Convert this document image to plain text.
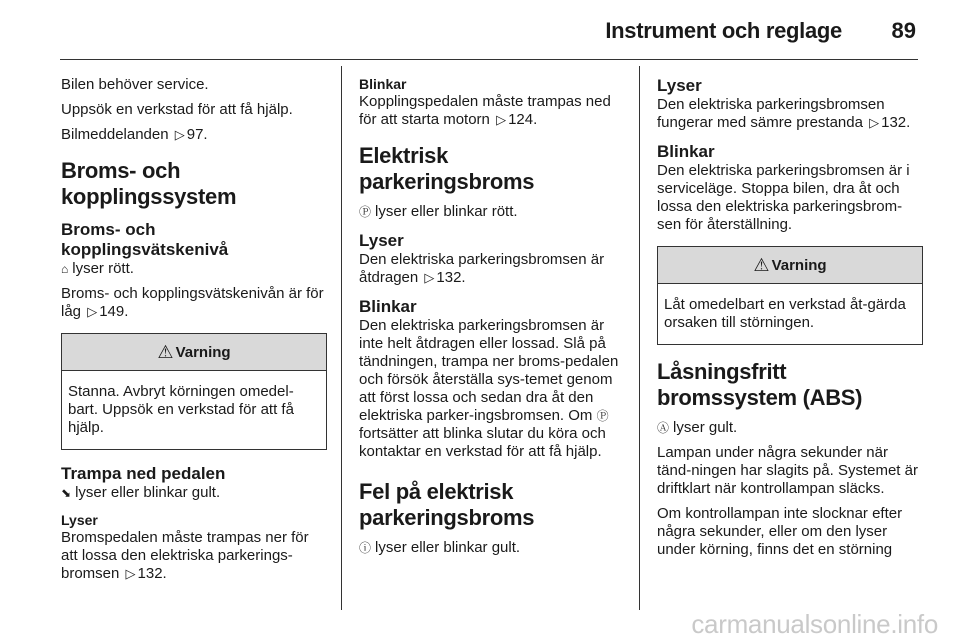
Instrument och reglage 89

Bilen behöver service.

Uppsök en verkstad för att få hjälp.

Bilmeddelanden ▷ 97.

Broms- och kopplingssystem
Broms- och kopplingsvätskenivå

⌂ lyser rött.

Broms- och kopplingsvätskenivån är för låg ▷ 149.

⚠ Varning
Stanna. Avbryt körningen omedel-bart. Uppsök en verkstad för att få hjälp.
Trampa ned pedalen

⬊ lyser eller blinkar gult.

Lyser

Bromspedalen måste trampas ner för att lossa den elektriska parkerings-bromsen ▷ 132.

Blinkar

Kopplingspedalen måste trampas ned för att starta motorn ▷ 124.

Elektrisk parkeringsbroms

Ⓟ lyser eller blinkar rött.

Lyser

Den elektriska parkeringsbromsen är åtdragen ▷ 132.

Blinkar

Den elektriska parkeringsbromsen är inte helt åtdragen eller lossad. Slå på tändningen, trampa ner broms-pedalen och försök återställa sys-temet genom att först lossa och sedan dra åt den elektriska parker-ingsbromsen. Om Ⓟfortsätter att blinka slutar du köra och kontaktar en verkstad för att få hjälp.

Fel på elektrisk parkeringsbroms

ⓘ lyser eller blinkar gult.

Lyser

Den elektriska parkeringsbromsen fungerar med sämre prestanda ▷ 132.

Blinkar

Den elektriska parkeringsbromsen är i serviceläge. Stoppa bilen, dra åt och lossa den elektriska parkeringsbrom-sen för återställning.

⚠ Varning
Låt omedelbart en verkstad åt-gärda orsaken till störningen.
Låsningsfritt bromssystem (ABS)

Ⓐ lyser gult.

Lampan under några sekunder när tänd-ningen har slagits på. Systemet är driftklart när kontrollampan släcks.

Om kontrollampan inte slocknar efter några sekunder, eller om den lyser under körning, finns det en störning

carmanualsonline.info
